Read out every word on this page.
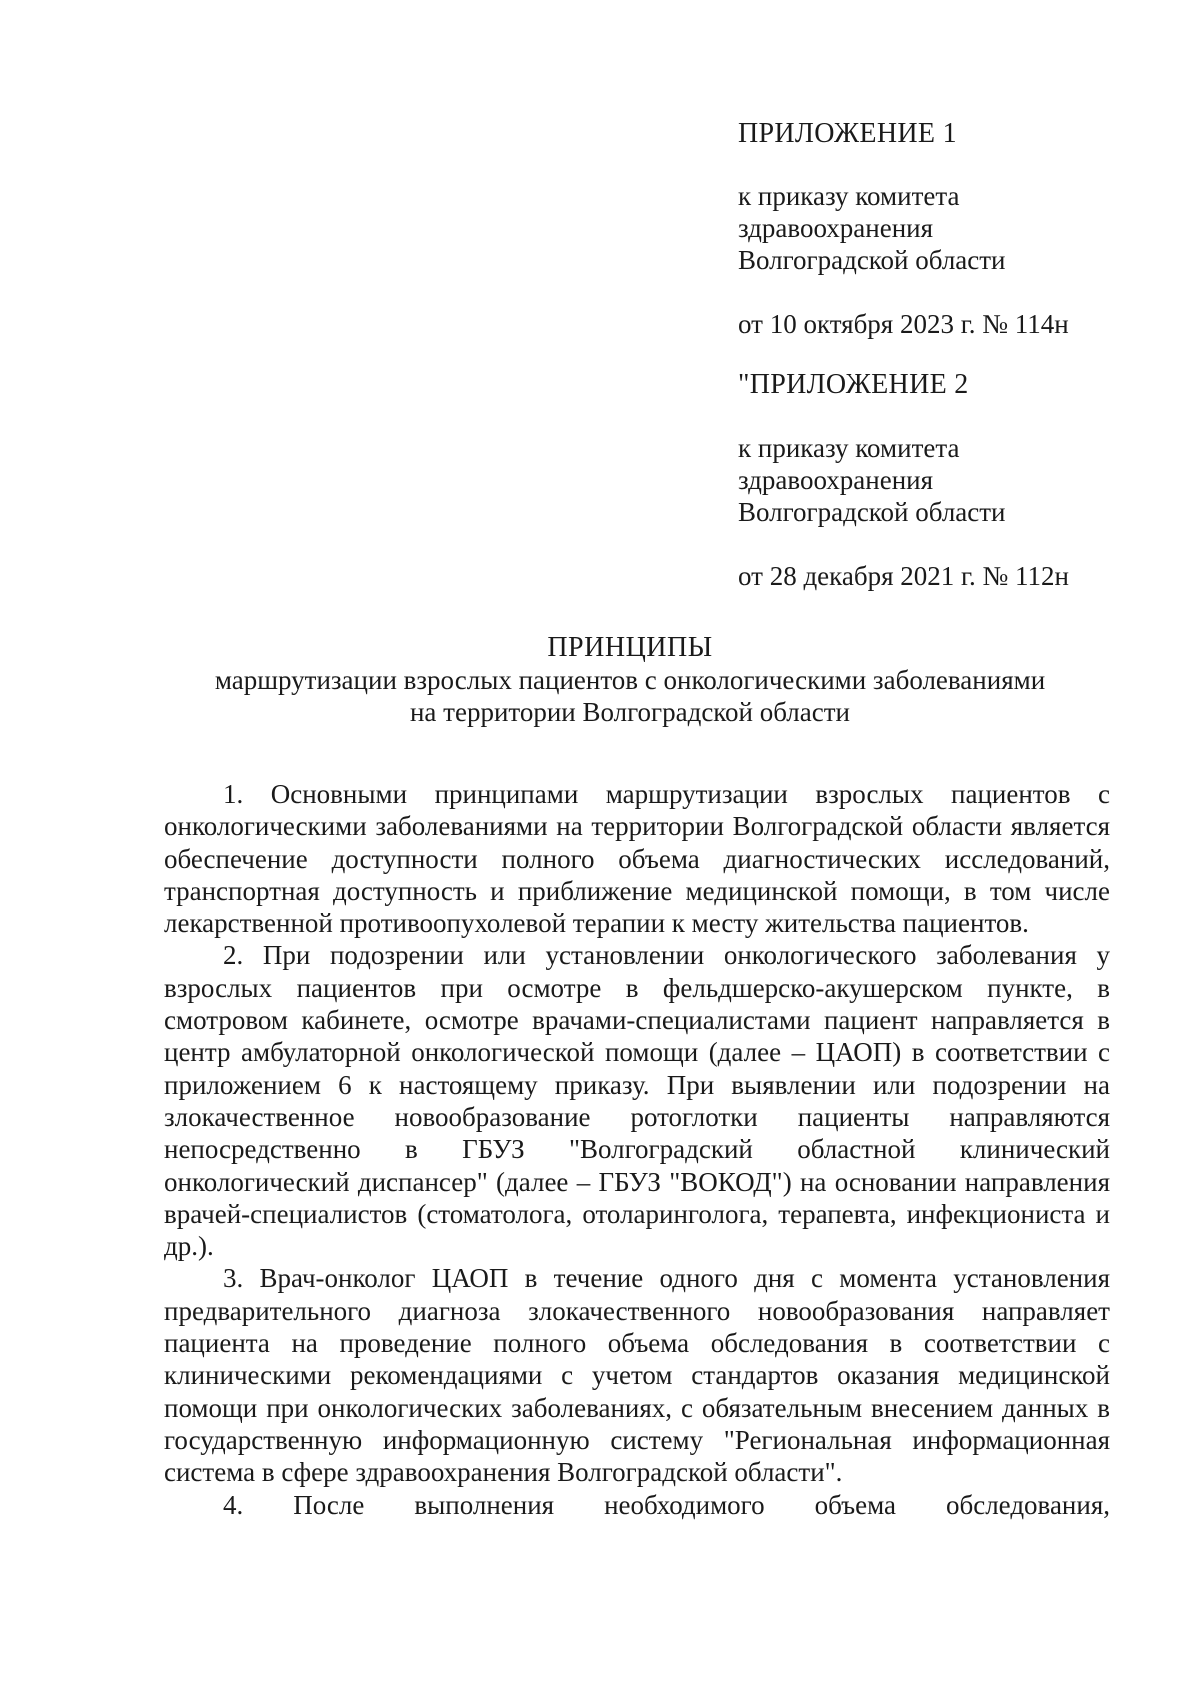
ПРИЛОЖЕНИЕ 1
к приказу комитета
здравоохранения
Волгоградской области
от 10 октября 2023 г. № 114н
"ПРИЛОЖЕНИЕ 2
к приказу комитета
здравоохранения
Волгоградской области
от 28 декабря 2021 г. № 112н
ПРИНЦИПЫ
маршрутизации взрослых пациентов с онкологическими заболеваниями
на территории Волгоградской области

1. Основными принципами маршрутизации взрослых пациентов с онкологическими заболеваниями на территории Волгоградской области является обеспечение доступности полного объема диагностических исследований, транспортная доступность и приближение медицинской помощи, в том числе лекарственной противоопухолевой терапии к месту жительства пациентов.

2. При подозрении или установлении онкологического заболевания у взрослых пациентов при осмотре в фельдшерско-акушерском пункте, в смотровом кабинете, осмотре врачами-специалистами пациент направляется в центр амбулаторной онкологической помощи (далее – ЦАОП) в соответствии с приложением 6 к настоящему приказу. При выявлении или подозрении на злокачественное новообразование ротоглотки пациенты направляются непосредственно в ГБУЗ "Волгоградский областной клинический онкологический диспансер" (далее – ГБУЗ "ВОКОД") на основании направления врачей-специалистов (стоматолога, отоларинголога, терапевта, инфекциониста и др.).

3. Врач-онколог ЦАОП в течение одного дня с момента установления предварительного диагноза злокачественного новообразования направляет пациента на проведение полного объема обследования в соответствии с клиническими рекомендациями с учетом стандартов оказания медицинской помощи при онкологических заболеваниях, с обязательным внесением данных в государственную информационную систему "Региональная информационная система в сфере здравоохранения Волгоградской области".

4. После выполнения необходимого объема обследования,
